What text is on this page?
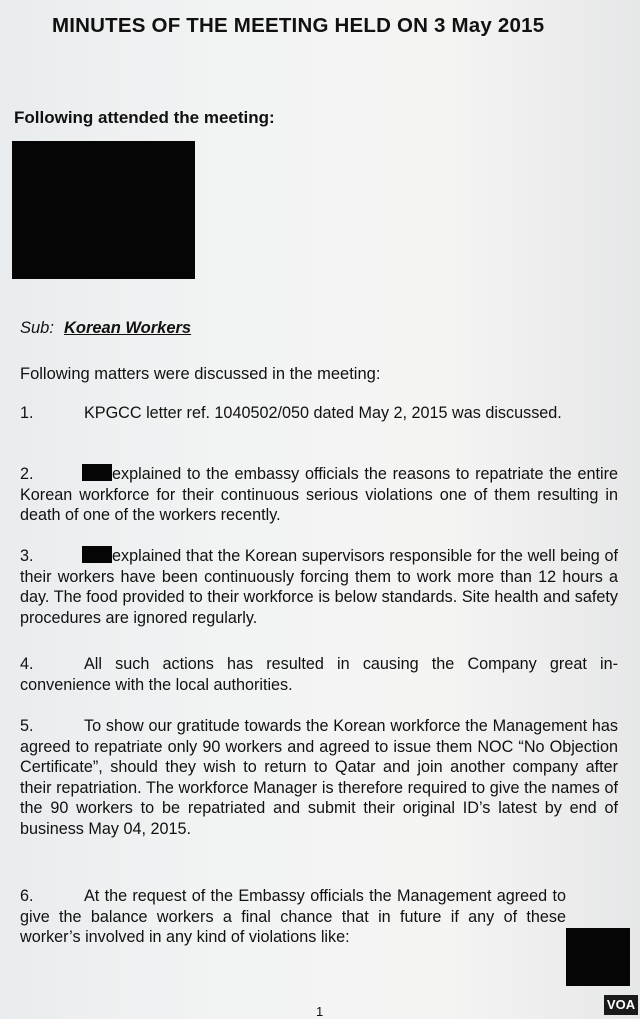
MINUTES OF THE MEETING HELD ON 3 May 2015
Following attended the meeting:
Sub: Korean Workers
Following matters were discussed in the meeting:
1.	KPGCC letter ref. 1040502/050 dated May 2, 2015 was discussed.
2.	explained to the embassy officials the reasons to repatriate the entire Korean workforce for their continuous serious violations one of them resulting in death of one of the workers recently.
3.	explained that the Korean supervisors responsible for the well being of their workers have been continuously forcing them to work more than 12 hours a day. The food provided to their workforce is below standards. Site health and safety procedures are ignored regularly.
4.	All such actions has resulted in causing the Company great in-convenience with the local authorities.
5.	To show our gratitude towards the Korean workforce the Management has agreed to repatriate only 90 workers and agreed to issue them NOC “No Objection Certificate”, should they wish to return to Qatar and join another company after their repatriation. The workforce Manager is therefore required to give the names of the 90 workers to be repatriated and submit their original ID’s latest by end of business May 04, 2015.
6.	At the request of the Embassy officials the Management agreed to give the balance workers a final chance that in future if any of these worker’s involved in any kind of violations like:
1	VOA
